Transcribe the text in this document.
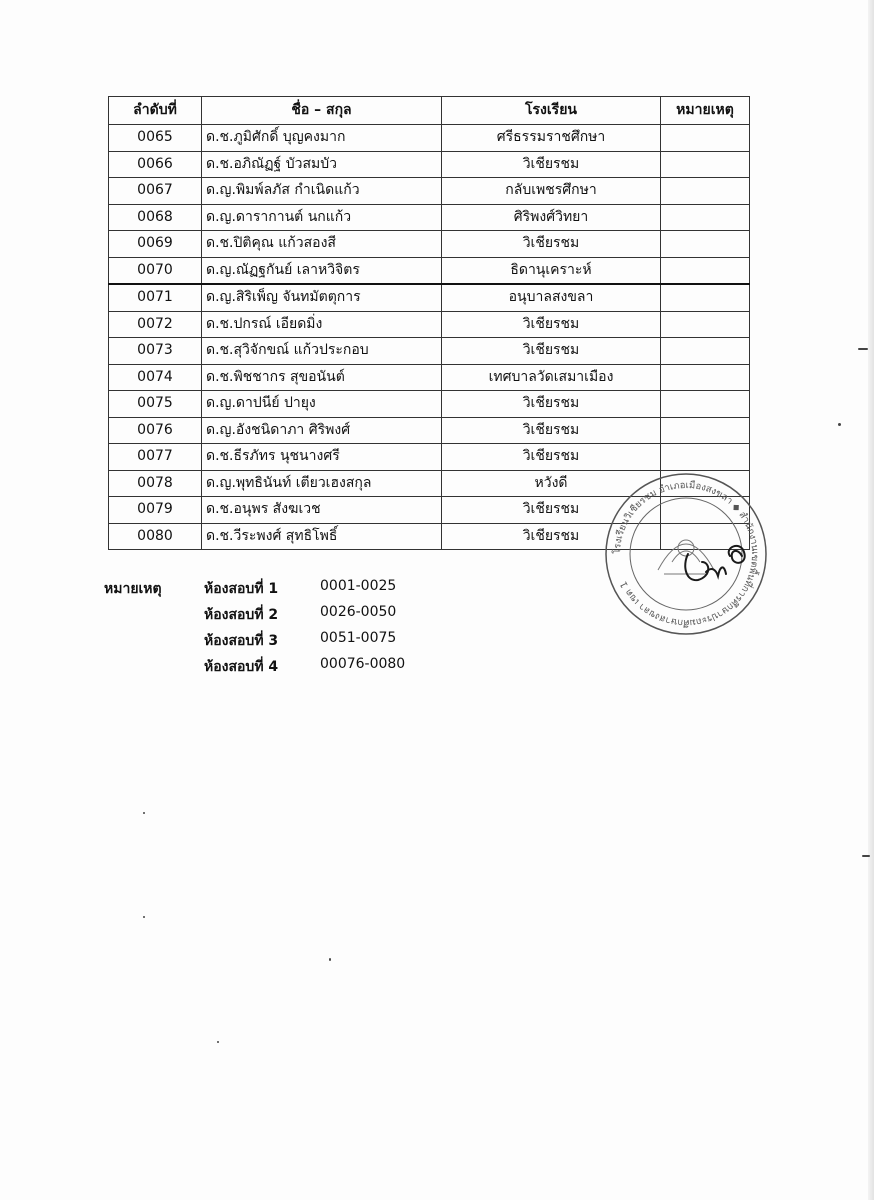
ลำดับที่	ชื่อ – สกุล	โรงเรียน	หมายเหตุ
0065	ด.ช.ภูมิศักดิ์ บุญคงมาก	ศรีธรรมราชศึกษา	
0066	ด.ช.อภิณัฏฐ์ บัวสมบัว	วิเชียรชม	
0067	ด.ญ.พิมพ์ลภัส กำเนิดแก้ว	กลับเพชรศึกษา	
0068	ด.ญ.ดารากานต์ นกแก้ว	ศิริพงศ์วิทยา	
0069	ด.ช.ปิติคุณ แก้วสองสี	วิเชียรชม	
0070	ด.ญ.ณัฏฐกันย์ เลาหวิจิตร	ธิดานุเคราะห์	
0071	ด.ญ.สิริเพ็ญ จันทมัตตุการ	อนุบาลสงขลา	
0072	ด.ช.ปกรณ์ เอียดมิ่ง	วิเชียรชม	
0073	ด.ช.สุวิจักขณ์ แก้วประกอบ	วิเชียรชม	
0074	ด.ช.พิชชากร สุขอนันต์	เทศบาลวัดเสมาเมือง	
0075	ด.ญ.ดาปนีย์ ปายุง	วิเชียรชม	
0076	ด.ญ.อังชนิดาภา ศิริพงศ์	วิเชียรชม	
0077	ด.ช.ธีรภัทร นุชนางศรี	วิเชียรชม	
0078	ด.ญ.พุทธินันท์ เตียวเฮงสกุล	หวังดี	
0079	ด.ช.อนุพร สังฆเวช	วิเชียรชม	
0080	ด.ช.วีระพงศ์ สุทธิโพธิ์	วิเชียรชม	
หมายเหตุ	ห้องสอบที่ 1	0001-0025
ห้องสอบที่ 2	0026-0050
ห้องสอบที่ 3	0051-0075
ห้องสอบที่ 4	00076-0080
โรงเรียนวิเชียรชม อำเภอเมืองสงขลา ◆ สำนักงานเขตพื้นที่การศึกษาประถมศึกษาสงขลา เขต 1
